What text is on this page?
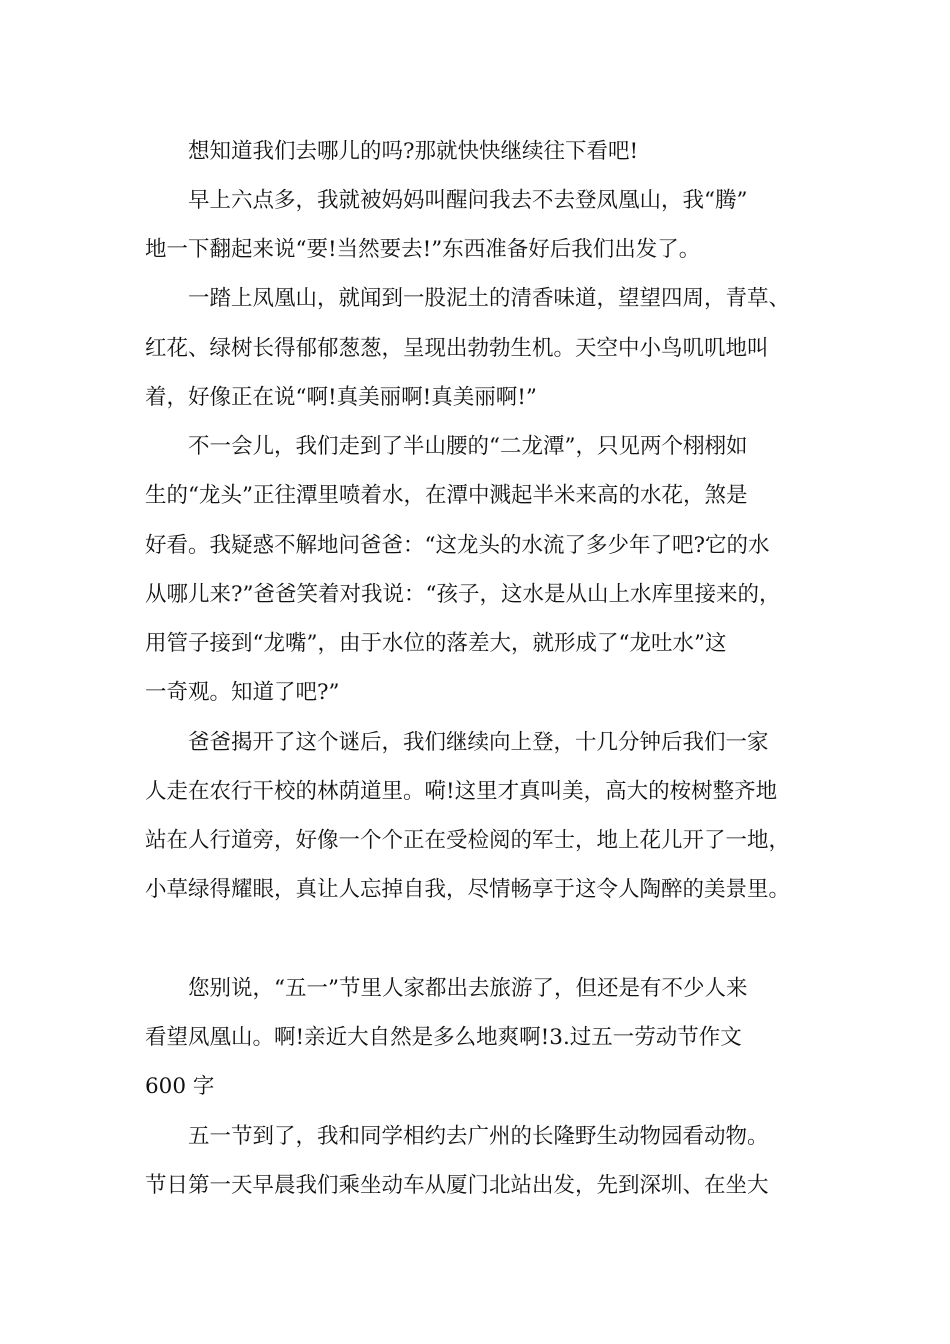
想知道我们去哪儿的吗?那就快快继续往下看吧!
早上六点多，我就被妈妈叫醒问我去不去登凤凰山，我“腾”
地一下翻起来说“要!当然要去!”东西准备好后我们出发了。
一踏上凤凰山，就闻到一股泥土的清香味道，望望四周，青草、
红花、绿树长得郁郁葱葱，呈现出勃勃生机。天空中小鸟叽叽地叫
着，好像正在说“啊!真美丽啊!真美丽啊!”
不一会儿，我们走到了半山腰的“二龙潭”，只见两个栩栩如
生的“龙头”正往潭里喷着水，在潭中溅起半米来高的水花，煞是
好看。我疑惑不解地问爸爸：“这龙头的水流了多少年了吧?它的水
从哪儿来?”爸爸笑着对我说：“孩子，这水是从山上水库里接来的，
用管子接到“龙嘴”，由于水位的落差大，就形成了“龙吐水”这
一奇观。知道了吧?”
爸爸揭开了这个谜后，我们继续向上登，十几分钟后我们一家
人走在农行干校的林荫道里。嗬!这里才真叫美，高大的桉树整齐地
站在人行道旁，好像一个个正在受检阅的军士，地上花儿开了一地，
小草绿得耀眼，真让人忘掉自我，尽情畅享于这令人陶醉的美景里。
您别说，“五一”节里人家都出去旅游了，但还是有不少人来
看望凤凰山。啊!亲近大自然是多么地爽啊!3.过五一劳动节作文
600 字
五一节到了，我和同学相约去广州的长隆野生动物园看动物。
节日第一天早晨我们乘坐动车从厦门北站出发，先到深圳、在坐大
